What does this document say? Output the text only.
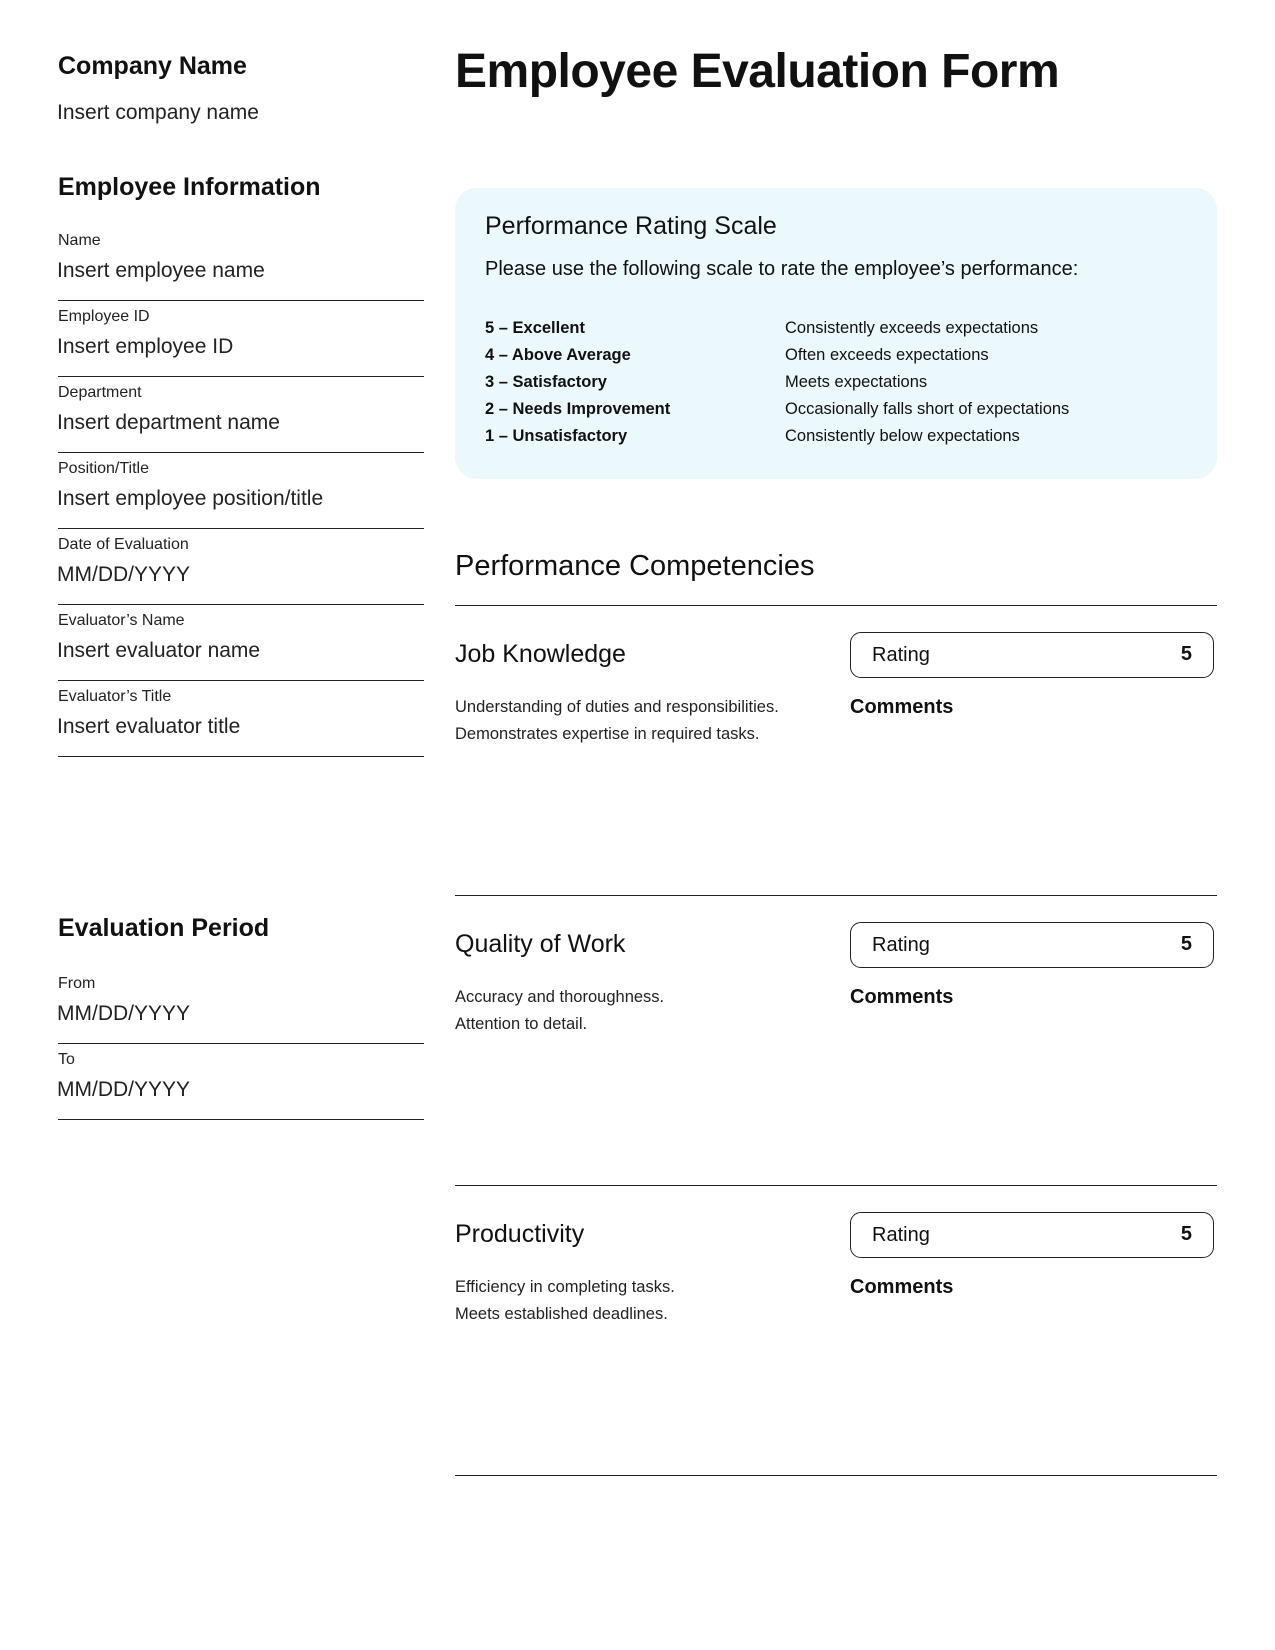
Company Name
Insert company name
Employee Information
Name
Insert employee name
Employee ID
Insert employee ID
Department
Insert department name
Position/Title
Insert employee position/title
Date of Evaluation
MM/DD/YYYY
Evaluator’s Name
Insert evaluator name
Evaluator’s Title
Insert evaluator title
Evaluation Period
From
MM/DD/YYYY
To
MM/DD/YYYY
Employee Evaluation Form
Performance Rating Scale
Please use the following scale to rate the employee’s performance:
5 – Excellent	Consistently exceeds expectations
4 – Above Average	Often exceeds expectations
3 – Satisfactory	Meets expectations
2 – Needs Improvement	Occasionally falls short of expectations
1 – Unsatisfactory	Consistently below expectations
Performance Competencies
Job Knowledge
Understanding of duties and responsibilities.
Demonstrates expertise in required tasks.
Rating	5
Comments
Quality of Work
Accuracy and thoroughness.
Attention to detail.
Rating	5
Comments
Productivity
Efficiency in completing tasks.
Meets established deadlines.
Rating	5
Comments
